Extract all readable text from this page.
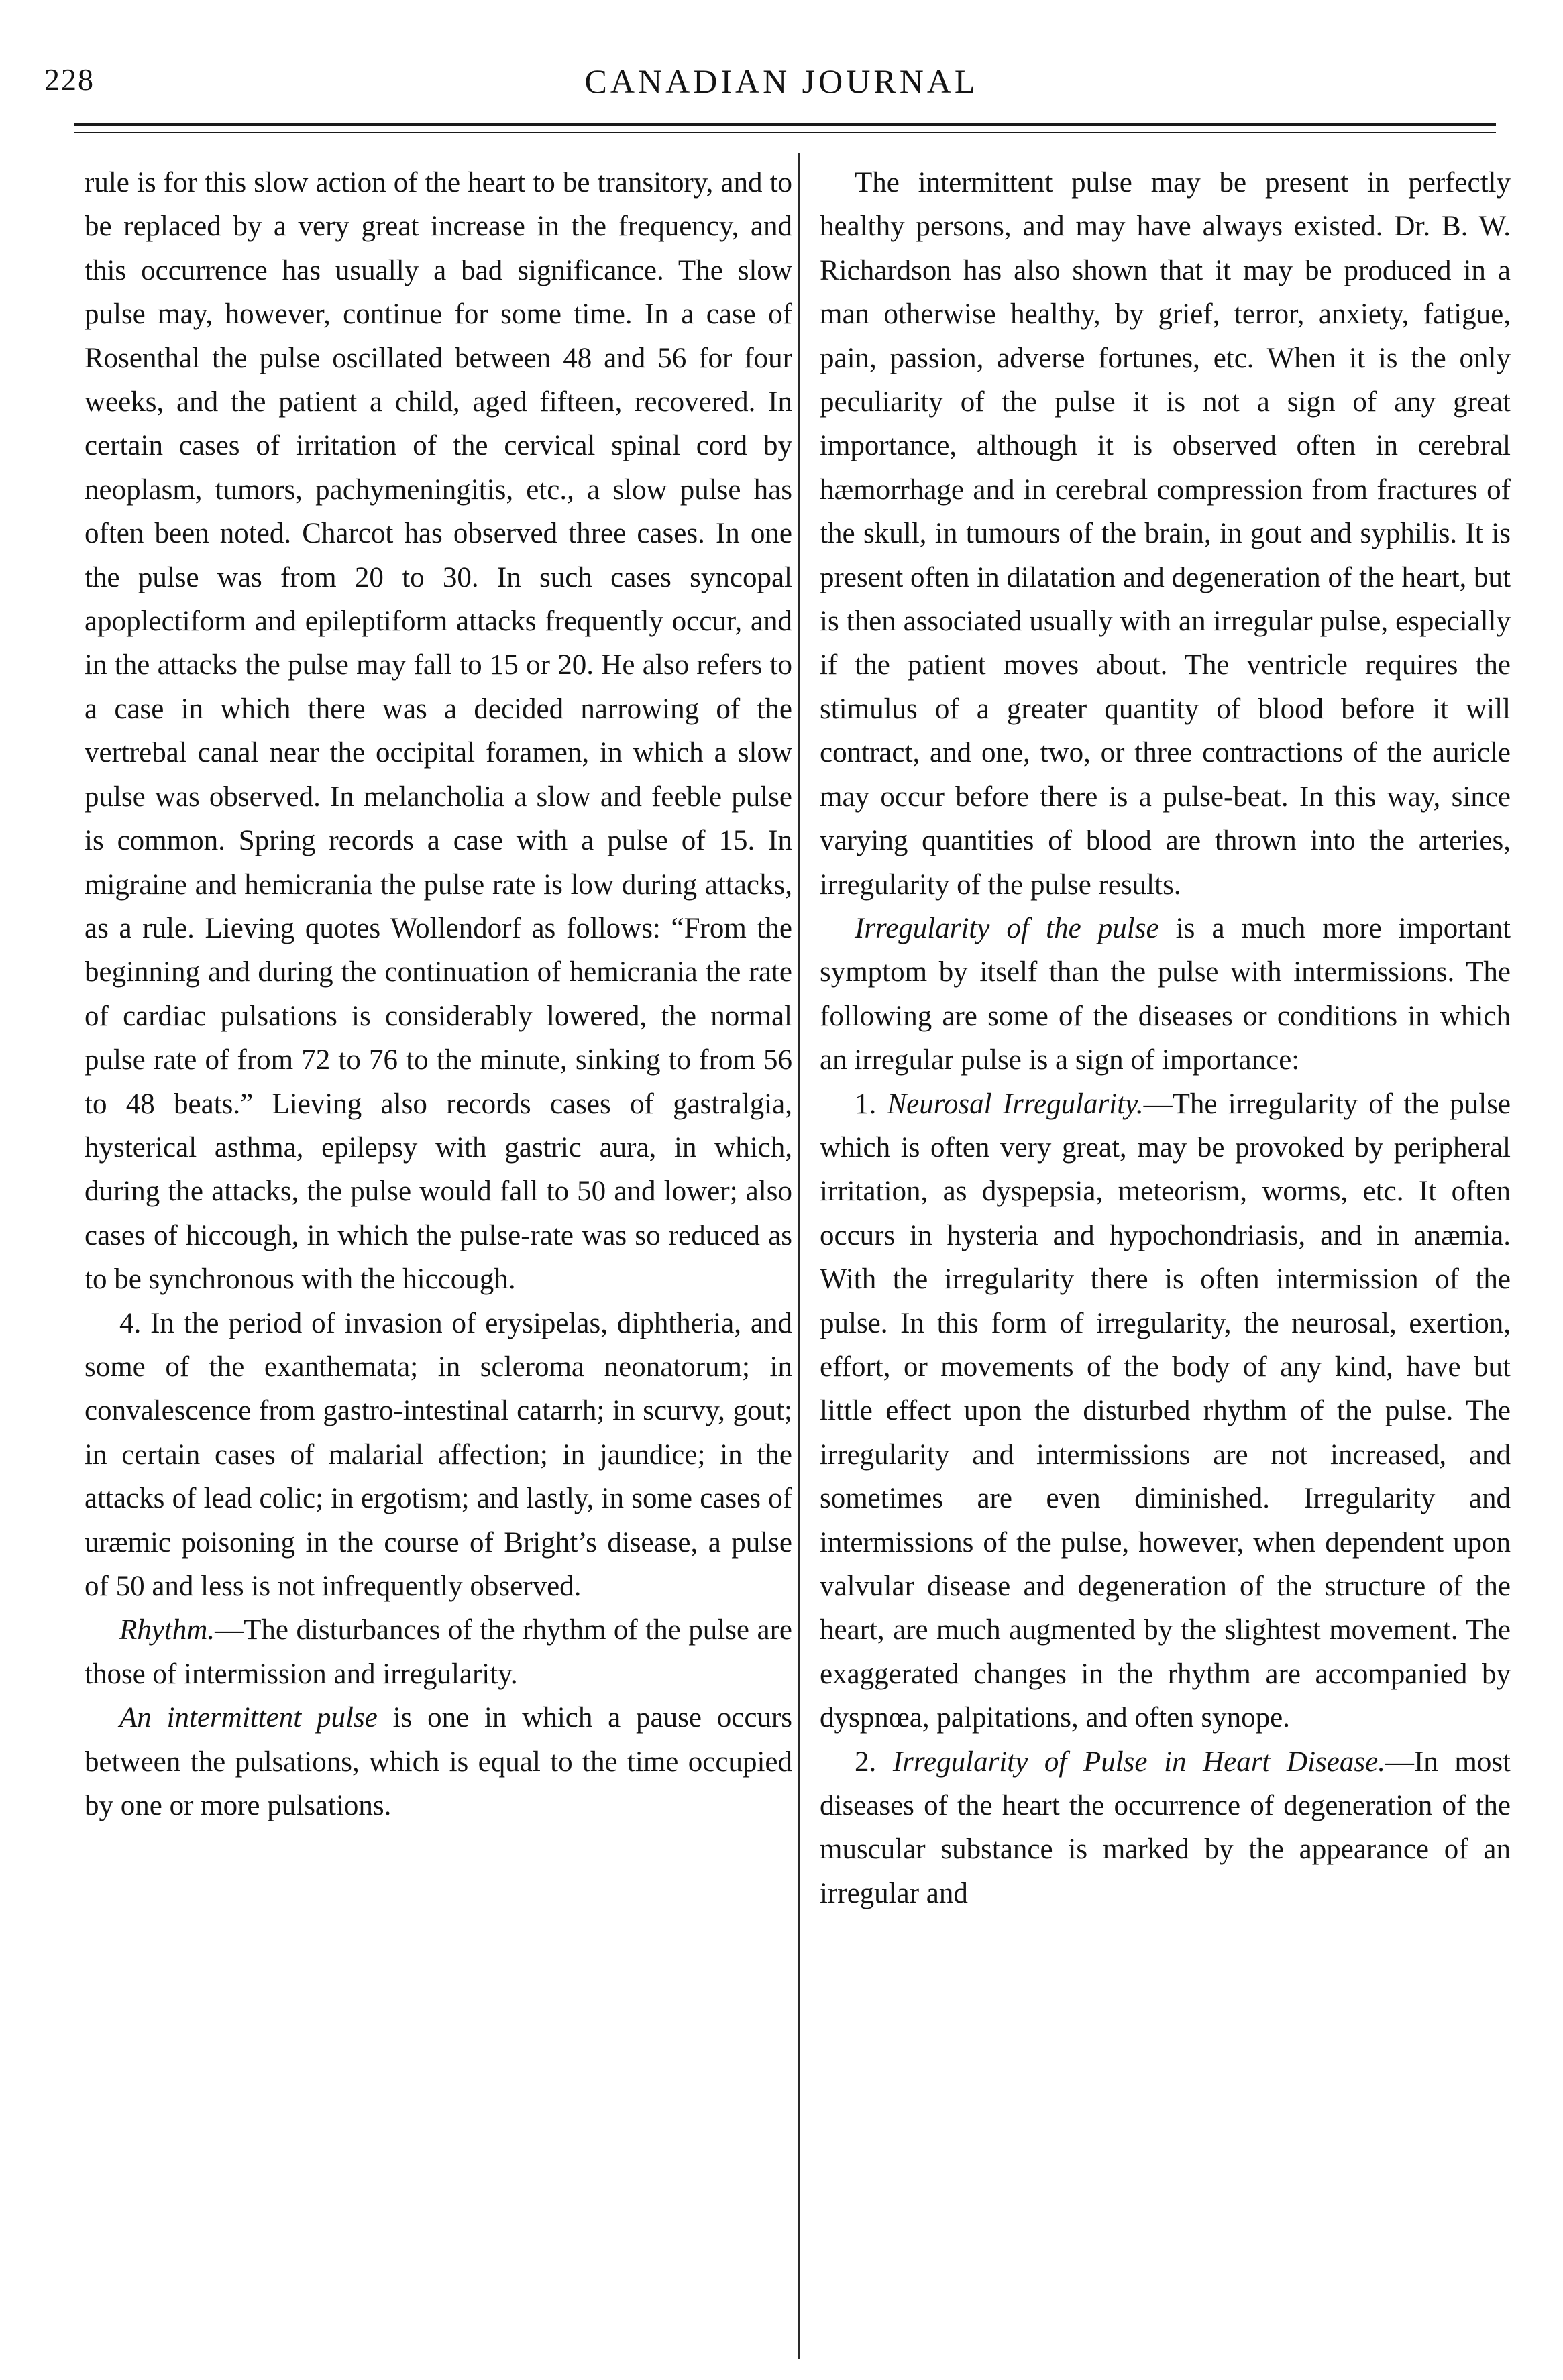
228	CANADIAN JOURNAL

rule is for this slow action of the heart to be transitory, and to be replaced by a very great increase in the frequency, and this occurrence has usually a bad significance. The slow pulse may, however, continue for some time. In a case of Rosenthal the pulse oscillated between 48 and 56 for four weeks, and the patient a child, aged fifteen, recovered. In certain cases of irritation of the cervical spinal cord by neoplasm, tumors, pachymeningitis, etc., a slow pulse has often been noted. Charcot has observed three cases. In one the pulse was from 20 to 30. In such cases syncopal apoplectiform and epileptiform attacks frequently occur, and in the attacks the pulse may fall to 15 or 20. He also refers to a case in which there was a decided narrowing of the vertrebal canal near the occipital foramen, in which a slow pulse was observed. In melancholia a slow and feeble pulse is common. Spring records a case with a pulse of 15. In migraine and hemicrania the pulse rate is low during attacks, as a rule. Lieving quotes Wollendorf as follows: “From the beginning and during the continuation of hemicrania the rate of cardiac pulsations is considerably lowered, the normal pulse rate of from 72 to 76 to the minute, sinking to from 56 to 48 beats.” Lieving also records cases of gastralgia, hysterical asthma, epilepsy with gastric aura, in which, during the attacks, the pulse would fall to 50 and lower; also cases of hiccough, in which the pulse-rate was so reduced as to be synchronous with the hiccough.

4. In the period of invasion of erysipelas, diphtheria, and some of the exanthemata; in scleroma neonatorum; in convalescence from gastro-intestinal catarrh; in scurvy, gout; in certain cases of malarial affection; in jaundice; in the attacks of lead colic; in ergotism; and lastly, in some cases of uræmic poisoning in the course of Bright’s disease, a pulse of 50 and less is not infrequently observed.

Rhythm.—The disturbances of the rhythm of the pulse are those of intermission and irregularity.

An intermittent pulse is one in which a pause occurs between the pulsations, which is equal to the time occupied by one or more pulsations.

The intermittent pulse may be present in perfectly healthy persons, and may have always existed. Dr. B. W. Richardson has also shown that it may be produced in a man otherwise healthy, by grief, terror, anxiety, fatigue, pain, passion, adverse fortunes, etc. When it is the only peculiarity of the pulse it is not a sign of any great importance, although it is observed often in cerebral hæmorrhage and in cerebral compression from fractures of the skull, in tumours of the brain, in gout and syphilis. It is present often in dilatation and degeneration of the heart, but is then associated usually with an irregular pulse, especially if the patient moves about. The ventricle requires the stimulus of a greater quantity of blood before it will contract, and one, two, or three contractions of the auricle may occur before there is a pulse-beat. In this way, since varying quantities of blood are thrown into the arteries, irregularity of the pulse results.

Irregularity of the pulse is a much more important symptom by itself than the pulse with intermissions. The following are some of the diseases or conditions in which an irregular pulse is a sign of importance:

1. Neurosal Irregularity.—The irregularity of the pulse which is often very great, may be provoked by peripheral irritation, as dyspepsia, meteorism, worms, etc. It often occurs in hysteria and hypochondriasis, and in anæmia. With the irregularity there is often intermission of the pulse. In this form of irregularity, the neurosal, exertion, effort, or movements of the body of any kind, have but little effect upon the disturbed rhythm of the pulse. The irregularity and intermissions are not increased, and sometimes are even diminished. Irregularity and intermissions of the pulse, however, when dependent upon valvular disease and degeneration of the structure of the heart, are much augmented by the slightest movement. The exaggerated changes in the rhythm are accompanied by dyspnœa, palpitations, and often synope.

2. Irregularity of Pulse in Heart Disease.—In most diseases of the heart the occurrence of degeneration of the muscular substance is marked by the appearance of an irregular and
